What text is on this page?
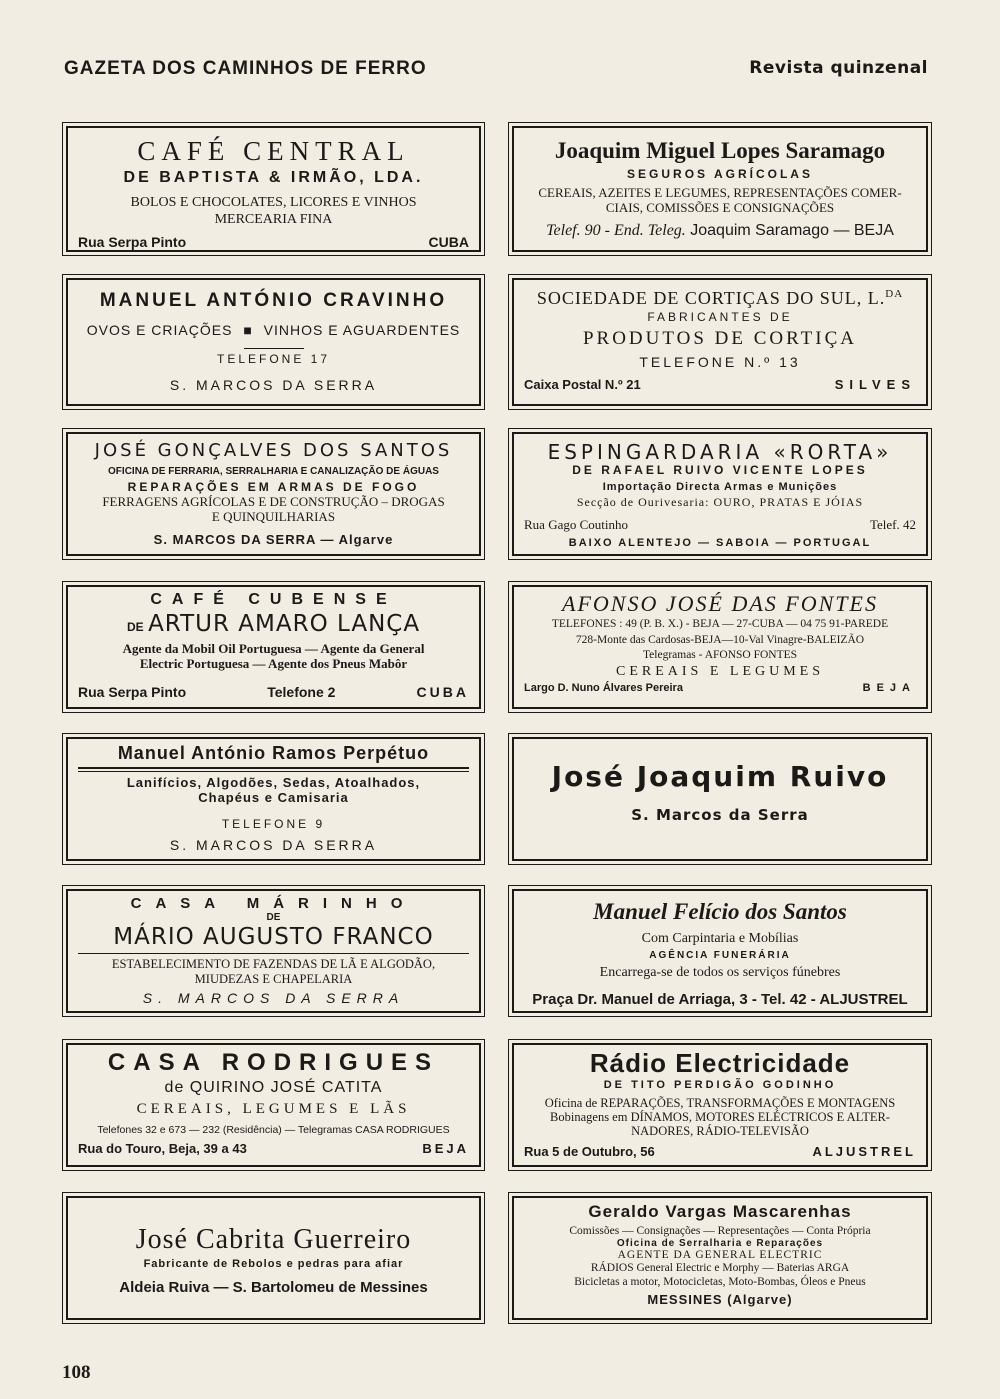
GAZETA DOS CAMINHOS DE FERRO	Revista quinzenal
CAFÉ CENTRAL
DE BAPTISTA & IRMÃO, LDA.
BOLOS E CHOCOLATES, LICORES E VINHOS
MERCEARIA FINA
Rua Serpa Pinto	CUBA
Joaquim Miguel Lopes Saramago
SEGUROS AGRÍCOLAS
CEREAIS, AZEITES E LEGUMES, REPRESENTAÇÕES COMER-
CIAIS, COMISSÕES E CONSIGNAÇÕES
Telef. 90 - End. Teleg. Joaquim Saramago — BEJA
MANUEL ANTÓNIO CRAVINHO
OVOS E CRIAÇÕES ■ VINHOS E AGUARDENTES
TELEFONE 17
S. MARCOS DA SERRA
SOCIEDADE DE CORTIÇAS DO SUL, L.$^{DA}$
FABRICANTES DE
PRODUTOS DE CORTIÇA
TELEFONE N.º 13
Caixa Postal N.º 21	SILVES
JOSÉ GONÇALVES DOS SANTOS
OFICINA DE FERRARIA, SERRALHARIA E CANALIZAÇÃO DE ÁGUAS
REPARAÇÕES EM ARMAS DE FOGO
FERRAGENS AGRÍCOLAS E DE CONSTRUÇÃO – DROGAS
E QUINQUILHARIAS
S. MARCOS DA SERRA — Algarve
ESPINGARDARIA «RORTA»
DE RAFAEL RUIVO VICENTE LOPES
Importação Directa Armas e Munições
Secção de Ourivesaria: OURO, PRATAS E JÓIAS
Rua Gago Coutinho	Telef. 42
BAIXO ALENTEJO — SABOIA — PORTUGAL
CAFÉ CUBENSE
DE ARTUR AMARO LANÇA
Agente da Mobil Oil Portuguesa — Agente da General
Electric Portuguesa — Agente dos Pneus Mabôr
Rua Serpa Pinto	Telefone 2	CUBA
AFONSO JOSÉ DAS FONTES
TELEFONES : 49 (P. B. X.) - BEJA — 27-CUBA — 04 75 91-PAREDE
728-Monte das Cardosas-BEJA—10-Val Vinagre-BALEIZÃO
Telegramas - AFONSO FONTES
CEREAIS E LEGUMES
Largo D. Nuno Álvares Pereira	BEJA
Manuel António Ramos Perpétuo
Lanifícios, Algodões, Sedas, Atoalhados,
Chapéus e Camisaria
TELEFONE 9
S. MARCOS DA SERRA
José Joaquim Ruivo
S. Marcos da Serra
CASA MÁRINHO
DE
MÁRIO AUGUSTO FRANCO
ESTABELECIMENTO DE FAZENDAS DE LÃ E ALGODÃO,
MIUDEZAS E CHAPELARIA
S. MARCOS DA SERRA
Manuel Felício dos Santos
Com Carpintaria e Mobílias
AGÊNCIA FUNERÁRIA
Encarrega-se de todos os serviços fúnebres
Praça Dr. Manuel de Arriaga, 3 - Tel. 42 - ALJUSTREL
CASA RODRIGUES
de QUIRINO JOSÉ CATITA
CEREAIS, LEGUMES E LÃS
Telefones 32 e 673 — 232 (Residência) — Telegramas CASA RODRIGUES
Rua do Touro, Beja, 39 a 43	BEJA
Rádio Electricidade
DE TITO PERDIGÃO GODINHO
Oficina de REPARAÇÕES, TRANSFORMAÇÕES E MONTAGENS
Bobinagens em DÍNAMOS, MOTORES ELÉCTRICOS E ALTER-
NADORES, RÁDIO-TELEVISÃO
Rua 5 de Outubro, 56	ALJUSTREL
José Cabrita Guerreiro
Fabricante de Rebolos e pedras para afiar
Aldeia Ruiva — S. Bartolomeu de Messines
Geraldo Vargas Mascarenhas
Comissões — Consignações — Representações — Conta Própria
Oficina de Serralharia e Reparações
AGENTE DA GENERAL ELECTRIC
RÁDIOS General Electric e Morphy — Baterias ARGA
Bicicletas a motor, Motocicletas, Moto-Bombas, Óleos e Pneus
MESSINES (Algarve)
108
